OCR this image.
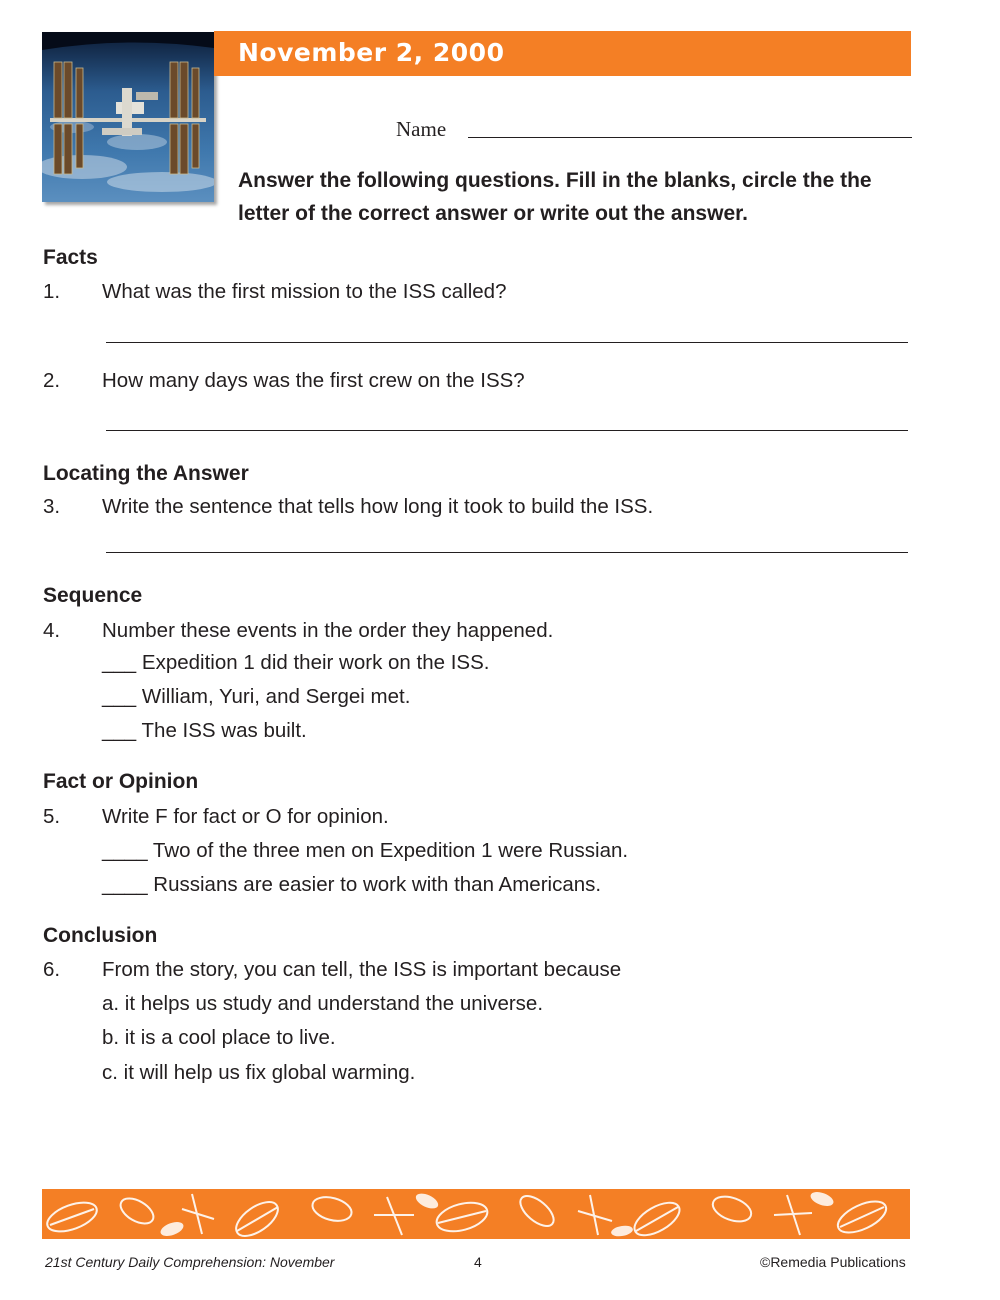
November 2, 2000
Name
Answer the following questions. Fill in the blanks, circle the the letter of the correct answer or write out the answer.
Facts
1. What was the first mission to the ISS called?
2. How many days was the first crew on the ISS?
Locating the Answer
3. Write the sentence that tells how long it took to build the ISS.
Sequence
4. Number these events in the order they happened.
___ Expedition 1 did their work on the ISS.
___ William, Yuri, and Sergei met.
___ The ISS was built.
Fact or Opinion
5. Write F for fact or O for opinion.
____ Two of the three men on Expedition 1 were Russian.
____ Russians are easier to work with than Americans.
Conclusion
6. From the story, you can tell, the ISS is important because
a. it helps us study and understand the universe.
b. it is a cool place to live.
c. it will help us fix global warming.
21st Century Daily Comprehension: November	4	©Remedia Publications
